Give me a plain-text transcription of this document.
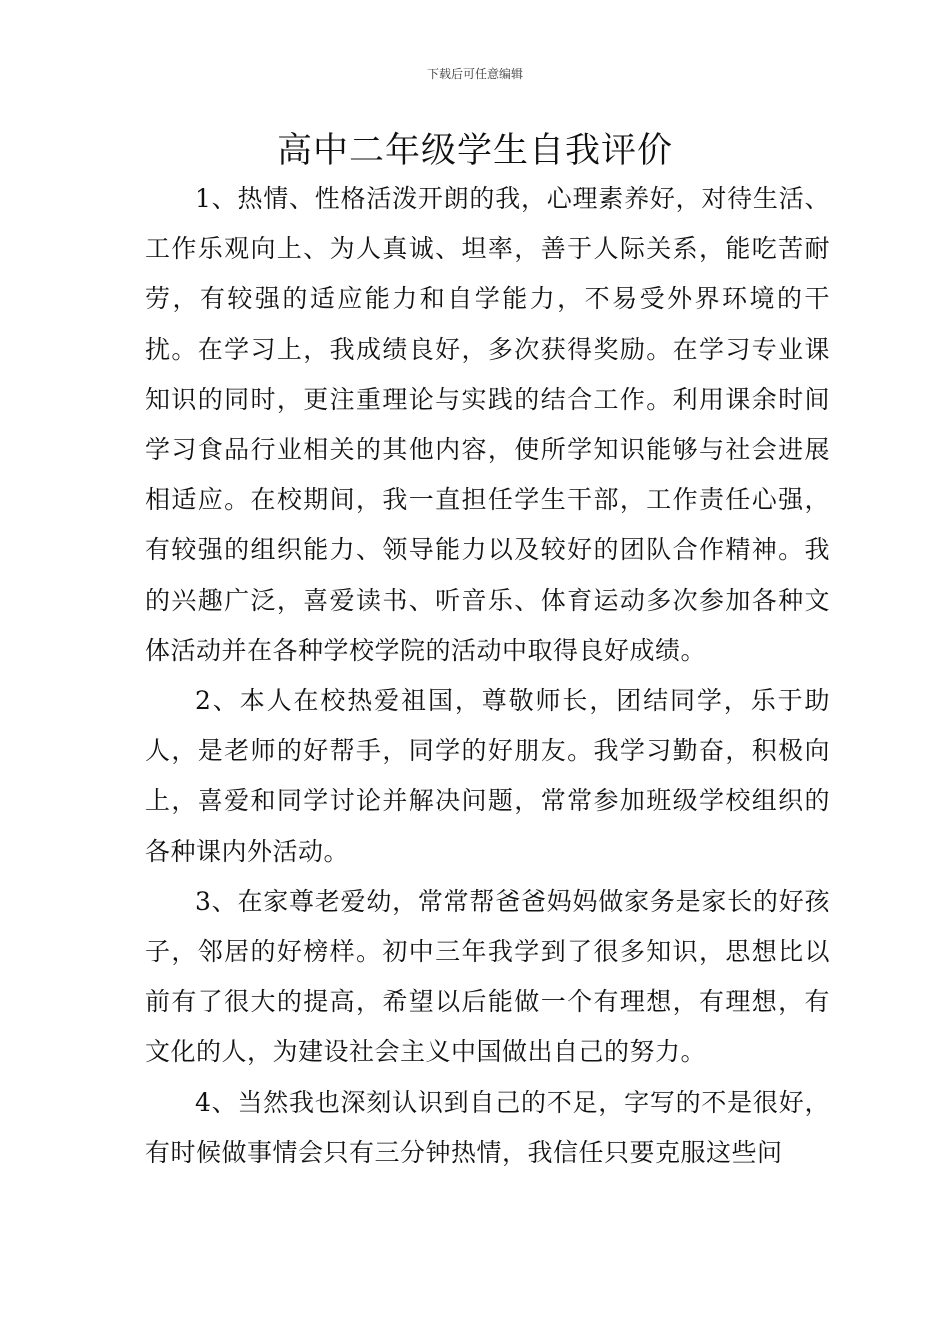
下载后可任意编辑
高中二年级学生自我评价

1、热情、性格活泼开朗的我，心理素养好，对待生活、工作乐观向上、为人真诚、坦率，善于人际关系，能吃苦耐劳，有较强的适应能力和自学能力，不易受外界环境的干扰。在学习上，我成绩良好，多次获得奖励。在学习专业课知识的同时，更注重理论与实践的结合工作。利用课余时间学习食品行业相关的其他内容，使所学知识能够与社会进展相适应。在校期间，我一直担任学生干部，工作责任心强，有较强的组织能力、领导能力以及较好的团队合作精神。我的兴趣广泛，喜爱读书、听音乐、体育运动多次参加各种文体活动并在各种学校学院的活动中取得良好成绩。

2、本人在校热爱祖国，尊敬师长，团结同学，乐于助人，是老师的好帮手，同学的好朋友。我学习勤奋，积极向上，喜爱和同学讨论并解决问题，常常参加班级学校组织的各种课内外活动。

3、在家尊老爱幼，常常帮爸爸妈妈做家务是家长的好孩子，邻居的好榜样。初中三年我学到了很多知识，思想比以前有了很大的提高，希望以后能做一个有理想，有理想，有文化的人，为建设社会主义中国做出自己的努力。

4、当然我也深刻认识到自己的不足，字写的不是很好，有时候做事情会只有三分钟热情，我信任只要克服这些问
